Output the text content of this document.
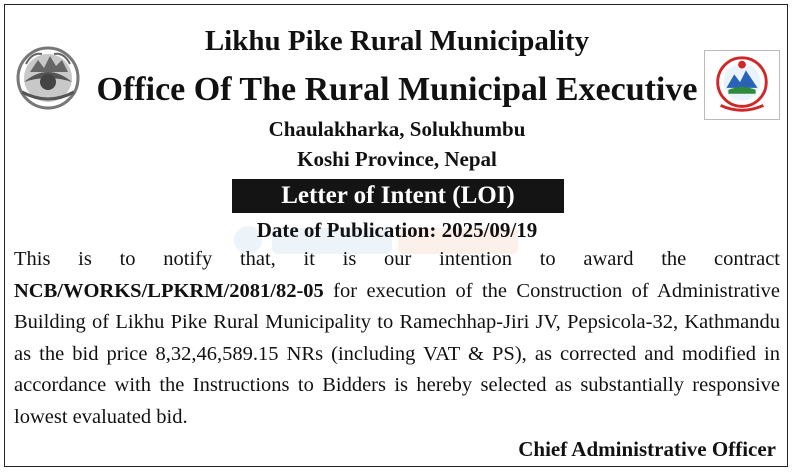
Likhu Pike Rural Municipality
Office Of The Rural Municipal Executive
Chaulakharka, Solukhumbu
Koshi Province, Nepal
Letter of Intent (LOI)
Date of Publication: 2025/09/19
This is to notify that, it is our intention to award the contract NCB/WORKS/LPKRM/2081/82-05 for execution of the Construction of Administrative Building of Likhu Pike Rural Municipality to Ramechhap-Jiri JV, Pepsicola-32, Kathmandu as the bid price 8,32,46,589.15 NRs (including VAT & PS), as corrected and modified in accordance with the Instructions to Bidders is hereby selected as substantially responsive lowest evaluated bid.
Chief Administrative Officer
